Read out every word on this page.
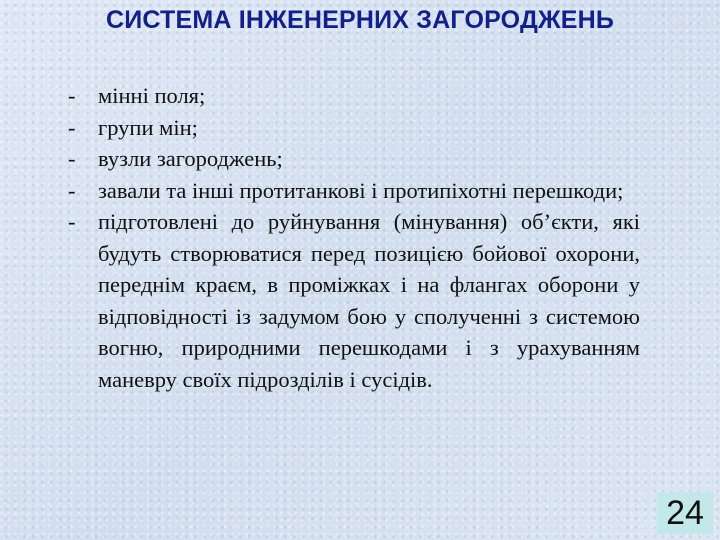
СИСТЕМА ІНЖЕНЕРНИХ ЗАГОРОДЖЕНЬ
- мінні поля;
- групи мін;
- вузли загороджень;
- завали та інші протитанкові і протипіхотні перешкоди;
- підготовлені до руйнування (мінування) об’єкти, які будуть створюватися перед позицією бойової охорони, переднім краєм, в проміжках і на флангах оборони у відповідності із задумом бою у сполученні з системою вогню, природними перешкодами і з урахуванням маневру своїх підрозділів і сусідів.
24
